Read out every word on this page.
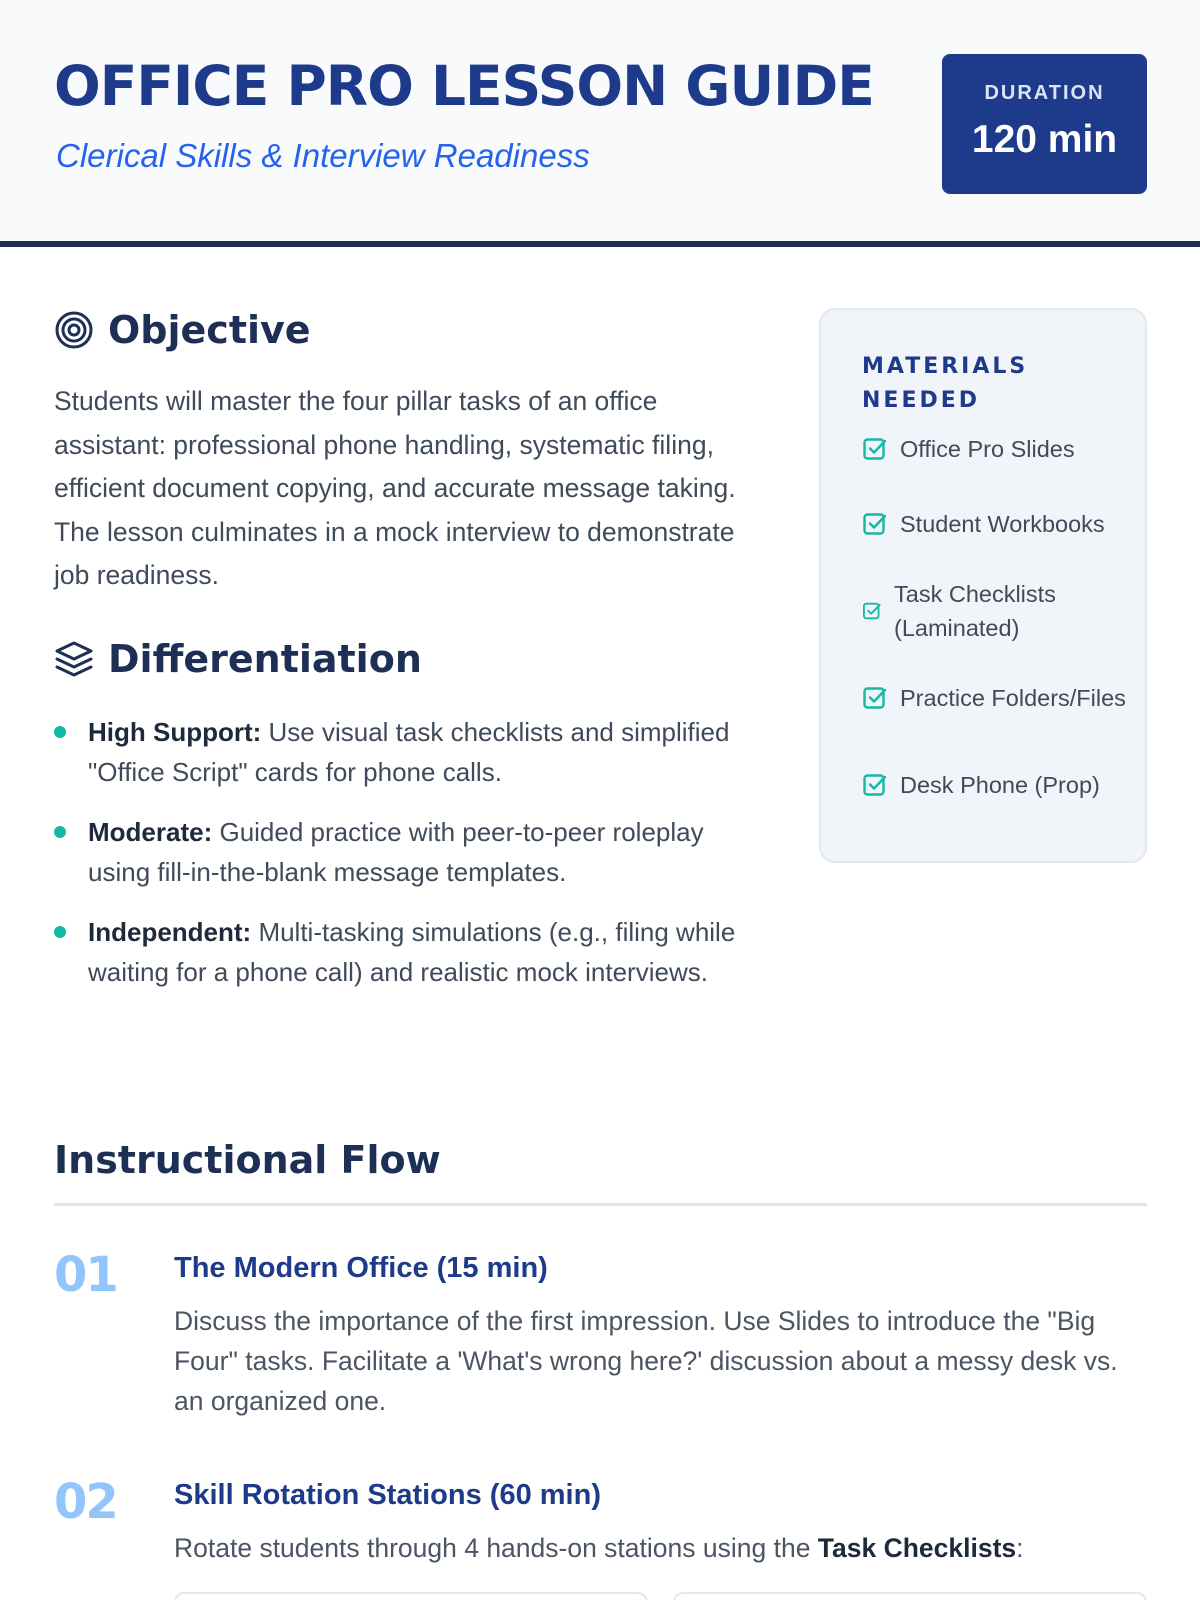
OFFICE PRO LESSON GUIDE
Clerical Skills & Interview Readiness
DURATION
120 min
Objective

Students will master the four pillar tasks of an office assistant: professional phone handling, systematic filing, efficient document copying, and accurate message taking. The lesson culminates in a mock interview to demonstrate job readiness.

Differentiation
High Support: Use visual task checklists and simplified "Office Script" cards for phone calls.
Moderate: Guided practice with peer-to-peer roleplay using fill-in-the-blank message templates.
Independent: Multi-tasking simulations (e.g., filing while waiting for a phone call) and realistic mock interviews.
MATERIALS NEEDED
Office Pro Slides
Student Workbooks
Task Checklists (Laminated)
Practice Folders/Files
Desk Phone (Prop)
Instructional Flow
01 The Modern Office (15 min)

Discuss the importance of the first impression. Use Slides to introduce the "Big Four" tasks. Facilitate a 'What's wrong here?' discussion about a messy desk vs. an organized one.

02 Skill Rotation Stations (60 min)

Rotate students through 4 hands-on stations using the Task Checklists:
